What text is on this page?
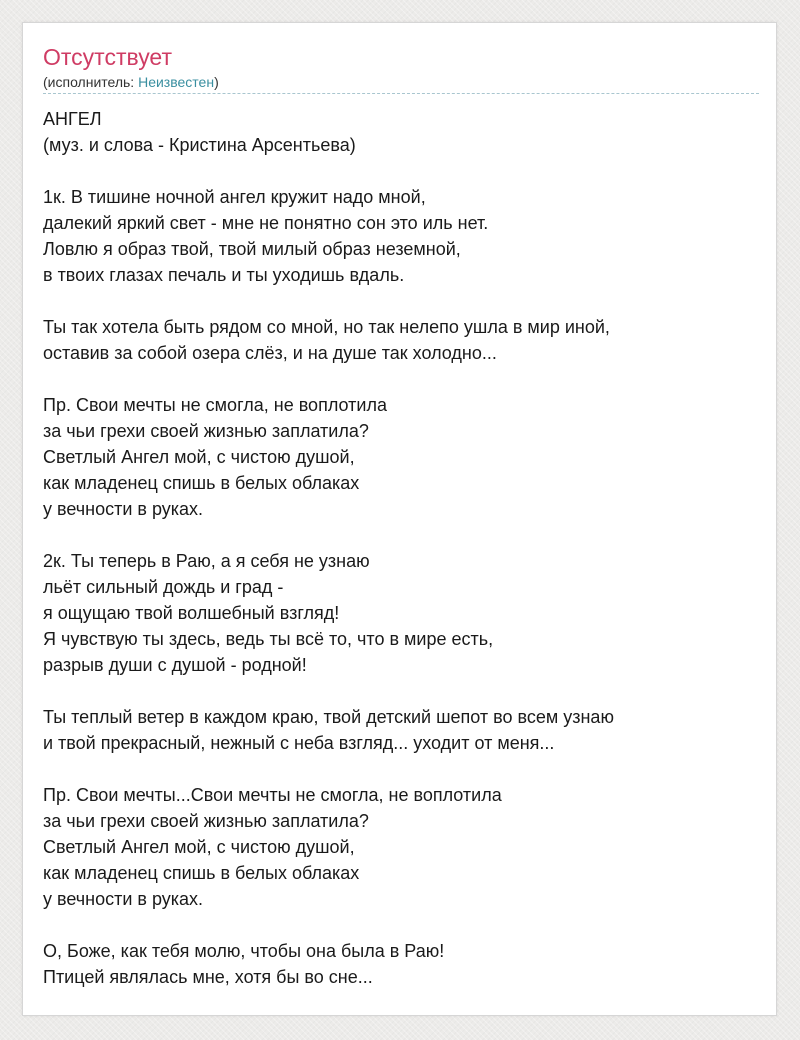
Отсутствует
(исполнитель: Неизвестен)
АНГЕЛ
(муз. и слова - Кристина Арсентьева)
1к. В тишине ночной ангел кружит надо мной,
далекий яркий свет - мне не понятно сон это иль нет.
Ловлю я образ твой, твой милый образ неземной,
в твоих глазах печаль и ты уходишь вдаль.
Ты так хотела быть рядом со мной, но так нелепо ушла в мир иной,
оставив за собой озера слёз, и на душе так холодно...
Пр. Свои мечты не смогла, не воплотила
за чьи грехи своей жизнью заплатила?
Светлый Ангел мой, с чистою душой,
как младенец спишь в белых облаках
у вечности в руках.
2к. Ты теперь в Раю, а я себя не узнаю
льёт сильный дождь и град -
я ощущаю твой волшебный взгляд!
Я чувствую ты здесь, ведь ты всё то, что в мире есть,
разрыв души с душой - родной!
Ты теплый ветер в каждом краю, твой детский шепот во всем узнаю
и твой прекрасный, нежный с неба взгляд... уходит от меня...
Пр. Свои мечты...Свои мечты не смогла, не воплотила
за чьи грехи своей жизнью заплатила?
Светлый Ангел мой, с чистою душой,
как младенец спишь в белых облаках
у вечности в руках.
О, Боже, как тебя молю, чтобы она была в Раю!
Птицей являлась мне, хотя бы во сне...
